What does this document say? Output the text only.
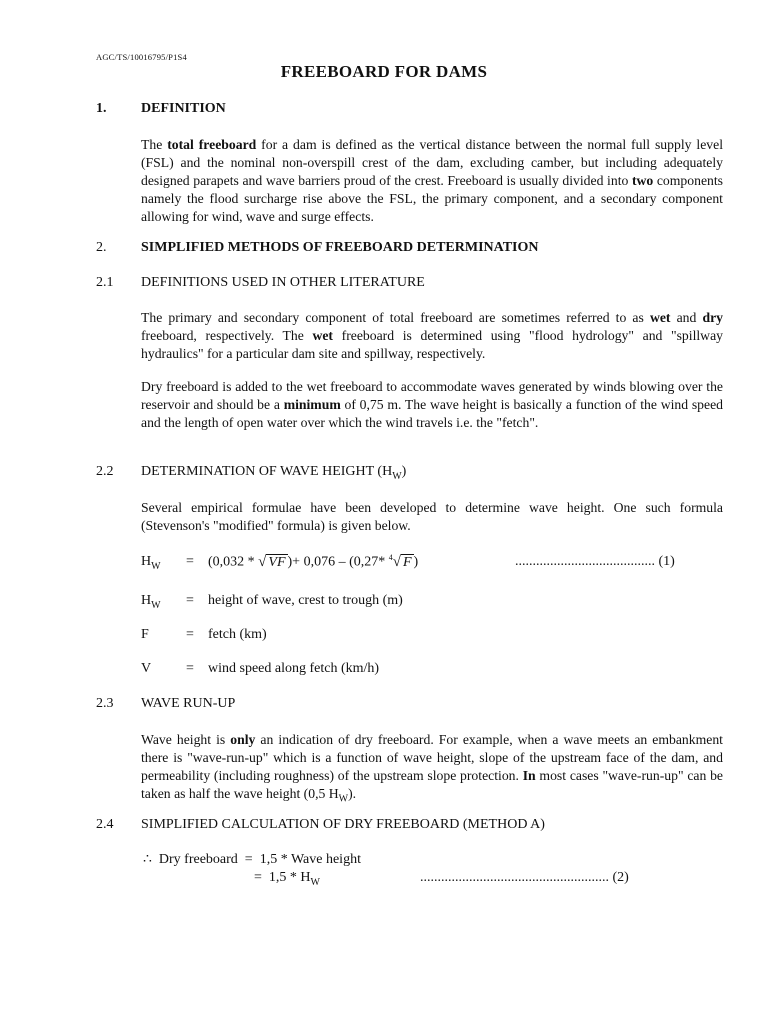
AGC/TS/10016795/P1S4
FREEBOARD FOR DAMS
1. DEFINITION
The total freeboard for a dam is defined as the vertical distance between the normal full supply level (FSL) and the nominal non-overspill crest of the dam, excluding camber, but including adequately designed parapets and wave barriers proud of the crest. Freeboard is usually divided into two components namely the flood surcharge rise above the FSL, the primary component, and a secondary component allowing for wind, wave and surge effects.
2. SIMPLIFIED METHODS OF FREEBOARD DETERMINATION
2.1 DEFINITIONS USED IN OTHER LITERATURE
The primary and secondary component of total freeboard are sometimes referred to as wet and dry freeboard, respectively. The wet freeboard is determined using "flood hydrology" and "spillway hydraulics" for a particular dam site and spillway, respectively.
Dry freeboard is added to the wet freeboard to accommodate waves generated by winds blowing over the reservoir and should be a minimum of 0,75 m. The wave height is basically a function of the wind speed and the length of open water over which the wind travels i.e. the "fetch".
2.2 DETERMINATION OF WAVE HEIGHT $(H_W)$
Several empirical formulae have been developed to determine wave height. One such formula (Stevenson's "modified" formula) is given below.
$H_W = (0,032$ * √ VF )+ 0,076 – (0,27* $^4$√ F )	........................................ (1)
$H_W$ = height of wave, crest to trough (m)
F	= fetch (km)
V = wind speed along fetch (km/h)
2.3 WAVE RUN-UP
Wave height is only an indication of dry freeboard. For example, when a wave meets an embankment there is "wave-run-up" which is a function of wave height, slope of the upstream face of the dam, and permeability (including roughness) of the upstream slope protection. In most cases "wave-run-up" can be taken as half the wave height (0,5 $H_W$).
2.4 SIMPLIFIED CALCULATION OF DRY FREEBOARD (METHOD A)
∴  Dry freeboard  =  1,5 * Wave height
=  $1,5 * H_W$	...................................................... (2)
